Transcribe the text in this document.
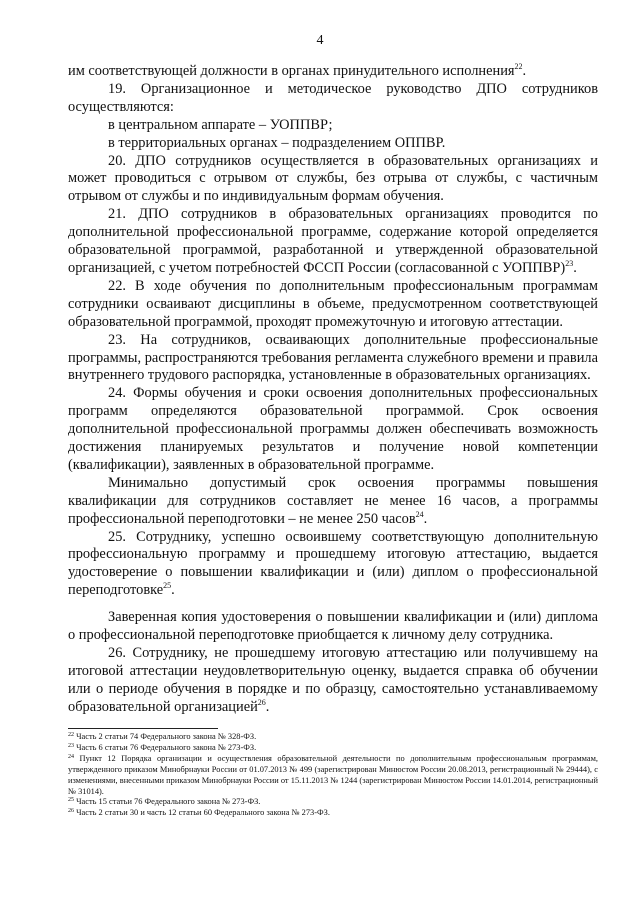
4

им соответствующей должности в органах принудительного исполнения$^{22}$.

19. Организационное и методическое руководство ДПО сотрудников осуществляются:

в центральном аппарате – УОППВР;

в территориальных органах – подразделением ОППВР.

20. ДПО сотрудников осуществляется в образовательных организациях и может проводиться с отрывом от службы, без отрыва от службы, с частичным отрывом от службы и по индивидуальным формам обучения.

21. ДПО сотрудников в образовательных организациях проводится по дополнительной профессиональной программе, содержание которой определяется образовательной программой, разработанной и утвержденной образовательной организацией, с учетом потребностей ФССП России (согласованной с УОППВР)$^{23}$.

22. В ходе обучения по дополнительным профессиональным программам сотрудники осваивают дисциплины в объеме, предусмотренном соответствующей образовательной программой, проходят промежуточную и итоговую аттестации.

23. На сотрудников, осваивающих дополнительные профессиональные программы, распространяются требования регламента служебного времени и правила внутреннего трудового распорядка, установленные в образовательных организациях.

24. Формы обучения и сроки освоения дополнительных профессиональных программ определяются образовательной программой. Срок освоения дополнительной профессиональной программы должен обеспечивать возможность достижения планируемых результатов и получение новой компетенции (квалификации), заявленных в образовательной программе.

Минимально допустимый срок освоения программы повышения квалификации для сотрудников составляет не менее 16 часов, а программы профессиональной переподготовки – не менее 250 часов$^{24}$.

25. Сотруднику, успешно освоившему соответствующую дополнительную профессиональную программу и прошедшему итоговую аттестацию, выдается удостоверение о повышении квалификации и (или) диплом о профессиональной переподготовке$^{25}$.

Заверенная копия удостоверения о повышении квалификации и (или) диплома о профессиональной переподготовке приобщается к личному делу сотрудника.

26. Сотруднику, не прошедшему итоговую аттестацию или получившему на итоговой аттестации неудовлетворительную оценку, выдается справка об обучении или о периоде обучения в порядке и по образцу, самостоятельно устанавливаемому образовательной организацией$^{26}$.

$^{22}$ Часть 2 статьи 74 Федерального закона № 328-ФЗ.

$^{23}$ Часть 6 статьи 76 Федерального закона № 273-ФЗ.

$^{24}$ Пункт 12 Порядка организации и осуществления образовательной деятельности по дополнительным профессиональным программам, утвержденного приказом Минобрнауки России от 01.07.2013 № 499 (зарегистрирован Минюстом России 20.08.2013, регистрационный № 29444), с изменениями, внесенными приказом Минобрнауки России от 15.11.2013 № 1244 (зарегистрирован Минюстом России 14.01.2014, регистрационный № 31014).

$^{25}$ Часть 15 статьи 76 Федерального закона № 273-ФЗ.

$^{26}$ Часть 2 статьи 30 и часть 12 статьи 60 Федерального закона № 273-ФЗ.
